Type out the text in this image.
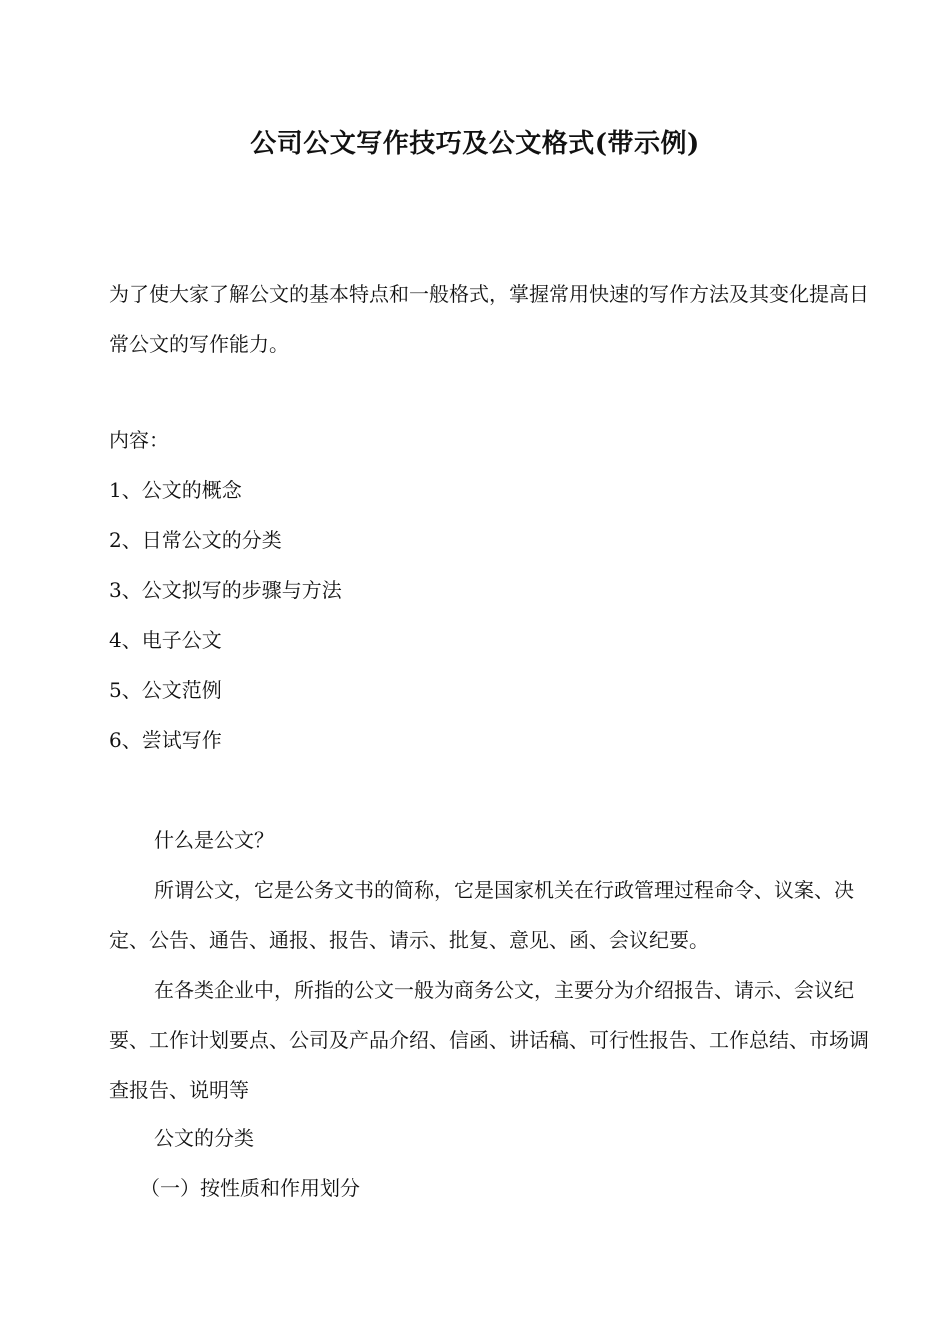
公司公文写作技巧及公文格式(带示例)
为了使大家了解公文的基本特点和一般格式，掌握常用快速的写作方法及其变化提高日常公文的写作能力。
内容：
1、公文的概念
2、日常公文的分类
3、公文拟写的步骤与方法
4、电子公文
5、公文范例
6、尝试写作
什么是公文？
所谓公文，它是公务文书的简称，它是国家机关在行政管理过程命令、议案、决定、公告、通告、通报、报告、请示、批复、意见、函、会议纪要。
在各类企业中，所指的公文一般为商务公文，主要分为介绍报告、请示、会议纪要、工作计划要点、公司及产品介绍、信函、讲话稿、可行性报告、工作总结、市场调查报告、说明等
公文的分类
（一）按性质和作用划分
